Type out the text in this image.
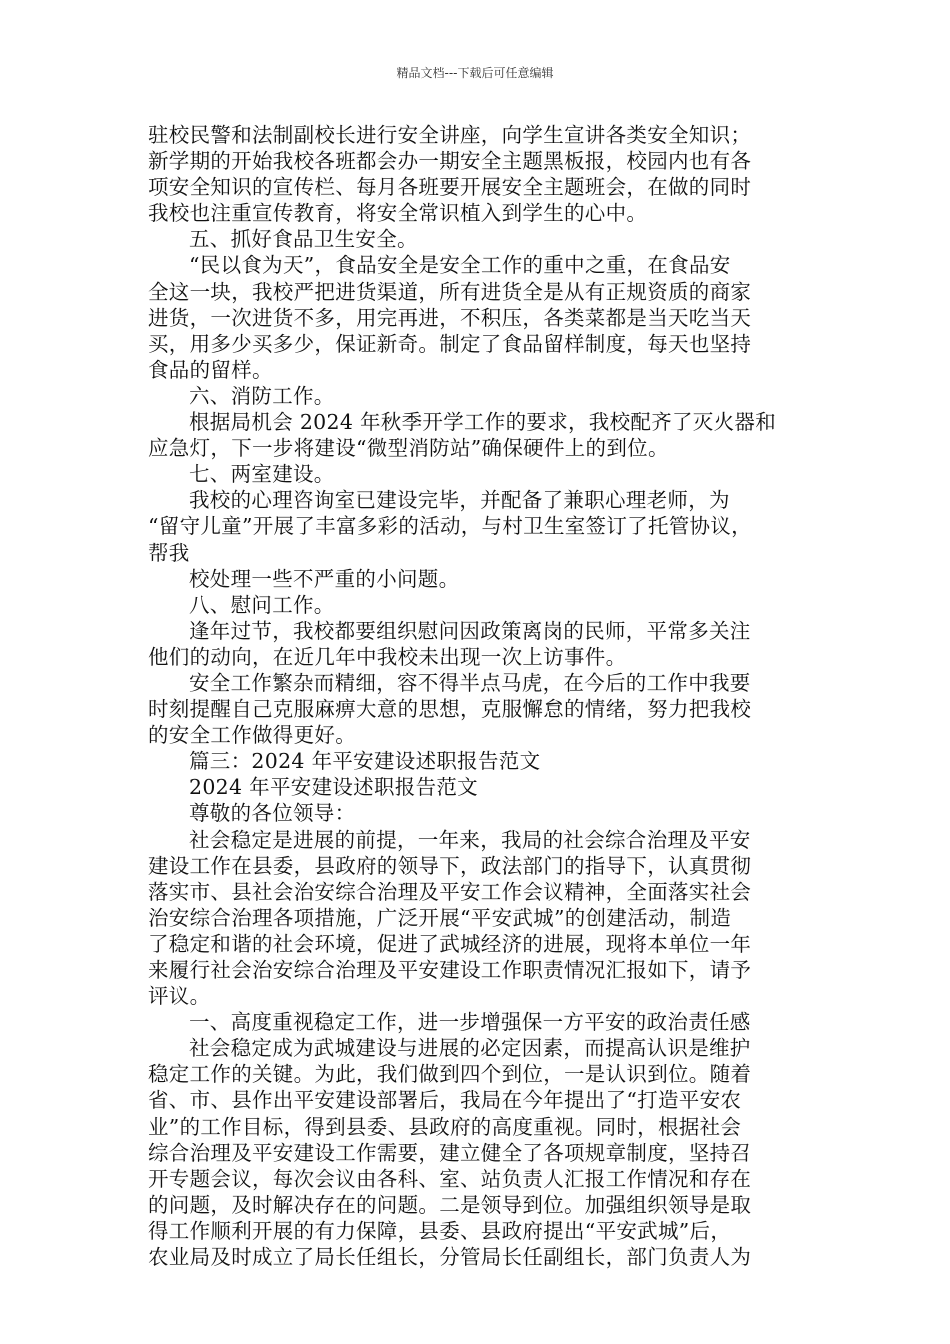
精品文档---下载后可任意编辑

驻校民警和法制副校长进行安全讲座，向学生宣讲各类安全知识；

新学期的开始我校各班都会办一期安全主题黑板报，校园内也有各

项安全知识的宣传栏、每月各班要开展安全主题班会，在做的同时

我校也注重宣传教育，将安全常识植入到学生的心中。

五、抓好食品卫生安全。

“民以食为天”，食品安全是安全工作的重中之重，在食品安

全这一块，我校严把进货渠道，所有进货全是从有正规资质的商家

进货，一次进货不多，用完再进，不积压，各类菜都是当天吃当天

买，用多少买多少，保证新奇。制定了食品留样制度，每天也坚持

食品的留样。

六、消防工作。

根据局机会 2024 年秋季开学工作的要求，我校配齐了灭火器和

应急灯，下一步将建设“微型消防站”确保硬件上的到位。

七、两室建设。

我校的心理咨询室已建设完毕，并配备了兼职心理老师，为

“留守儿童”开展了丰富多彩的活动，与村卫生室签订了托管协议，

帮我

校处理一些不严重的小问题。

八、慰问工作。

逢年过节，我校都要组织慰问因政策离岗的民师，平常多关注

他们的动向，在近几年中我校未出现一次上访事件。

安全工作繁杂而精细，容不得半点马虎，在今后的工作中我要

时刻提醒自己克服麻痹大意的思想，克服懈怠的情绪，努力把我校

的安全工作做得更好。

篇三：2024 年平安建设述职报告范文

2024 年平安建设述职报告范文

尊敬的各位领导：

社会稳定是进展的前提，一年来，我局的社会综合治理及平安

建设工作在县委，县政府的领导下，政法部门的指导下，认真贯彻

落实市、县社会治安综合治理及平安工作会议精神，全面落实社会

治安综合治理各项措施，广泛开展“平安武城”的创建活动，制造

了稳定和谐的社会环境，促进了武城经济的进展，现将本单位一年

来履行社会治安综合治理及平安建设工作职责情况汇报如下，请予

评议。

一、高度重视稳定工作，进一步增强保一方平安的政治责任感

社会稳定成为武城建设与进展的必定因素，而提高认识是维护

稳定工作的关键。为此，我们做到四个到位，一是认识到位。随着

省、市、县作出平安建设部署后，我局在今年提出了“打造平安农

业”的工作目标，得到县委、县政府的高度重视。同时，根据社会

综合治理及平安建设工作需要，建立健全了各项规章制度，坚持召

开专题会议，每次会议由各科、室、站负责人汇报工作情况和存在

的问题，及时解决存在的问题。二是领导到位。加强组织领导是取

得工作顺利开展的有力保障，县委、县政府提出“平安武城”后，

农业局及时成立了局长任组长，分管局长任副组长，部门负责人为
